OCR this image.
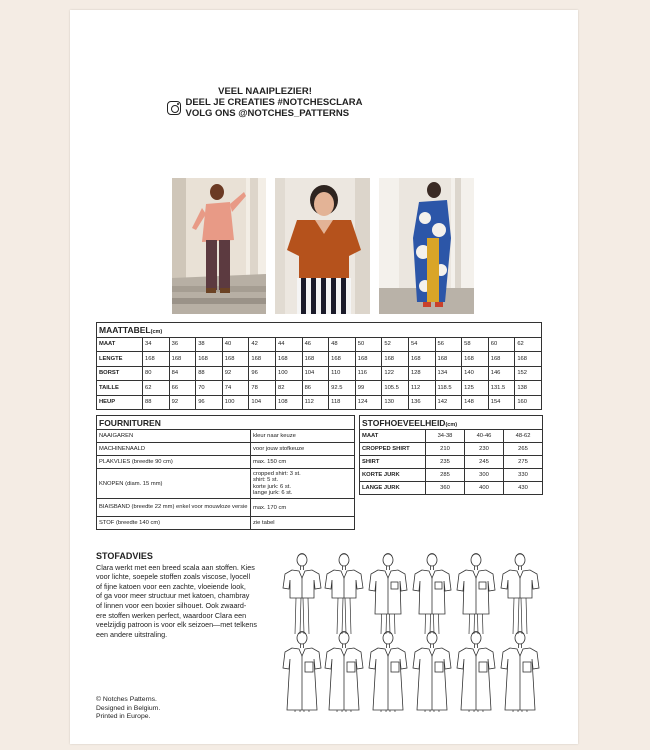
VEEL NAAIPLEZIER!
DEEL JE CREATIES #NOTCHESCLARA
VOLG ONS @NOTCHES_PATTERNS
MAATTABEL(cm)															
MAAT	34	36	38	40	42	44	46	48	50	52	54	56	58	60	62
LENGTE	168	168	168	168	168	168	168	168	168	168	168	168	168	168	168
BORST	80	84	88	92	96	100	104	110	116	122	128	134	140	146	152
TAILLE	62	66	70	74	78	82	86	92.5	99	105.5	112	118.5	125	131.5	138
HEUP	88	92	96	100	104	108	112	118	124	130	136	142	148	154	160
FOURNITUREN	
NAAIGAREN	kleur naar keuze
MACHINENAALD	voor jouw stofkeuze
PLAKVLIES (breedte 90 cm)	max. 150 cm
KNOPEN (diam. 15 mm)	cropped shirt: 3 st.
shirt: 5 st.
korte jurk: 6 st.
lange jurk: 6 st.

BIAISBAND (breedte 22 mm) enkel voor mouwloze versie	max. 170 cm
STOF (breedte 140 cm)	zie tabel
STOFHOEVEELHEID(cm)			
MAAT	34-38	40-46	48-62
CROPPED SHIRT	210	230	265
SHIRT	235	245	275
KORTE JURK	285	300	330
LANGE JURK	360	400	430
STOFADVIES
Clara werkt met een breed scala aan stoffen. Kies
voor lichte, soepele stoffen zoals viscose, lyocell
of fijne katoen voor een zachte, vloeiende look,
of ga voor meer structuur met katoen, chambray
of linnen voor een boxier silhouet. Ook zwaard-
ere stoffen werken perfect, waardoor Clara een
veelzijdig patroon is voor elk seizoen—met telkens
een andere uitstraling.
© Notches Patterns.
Designed in Belgium.
Printed in Europe.
